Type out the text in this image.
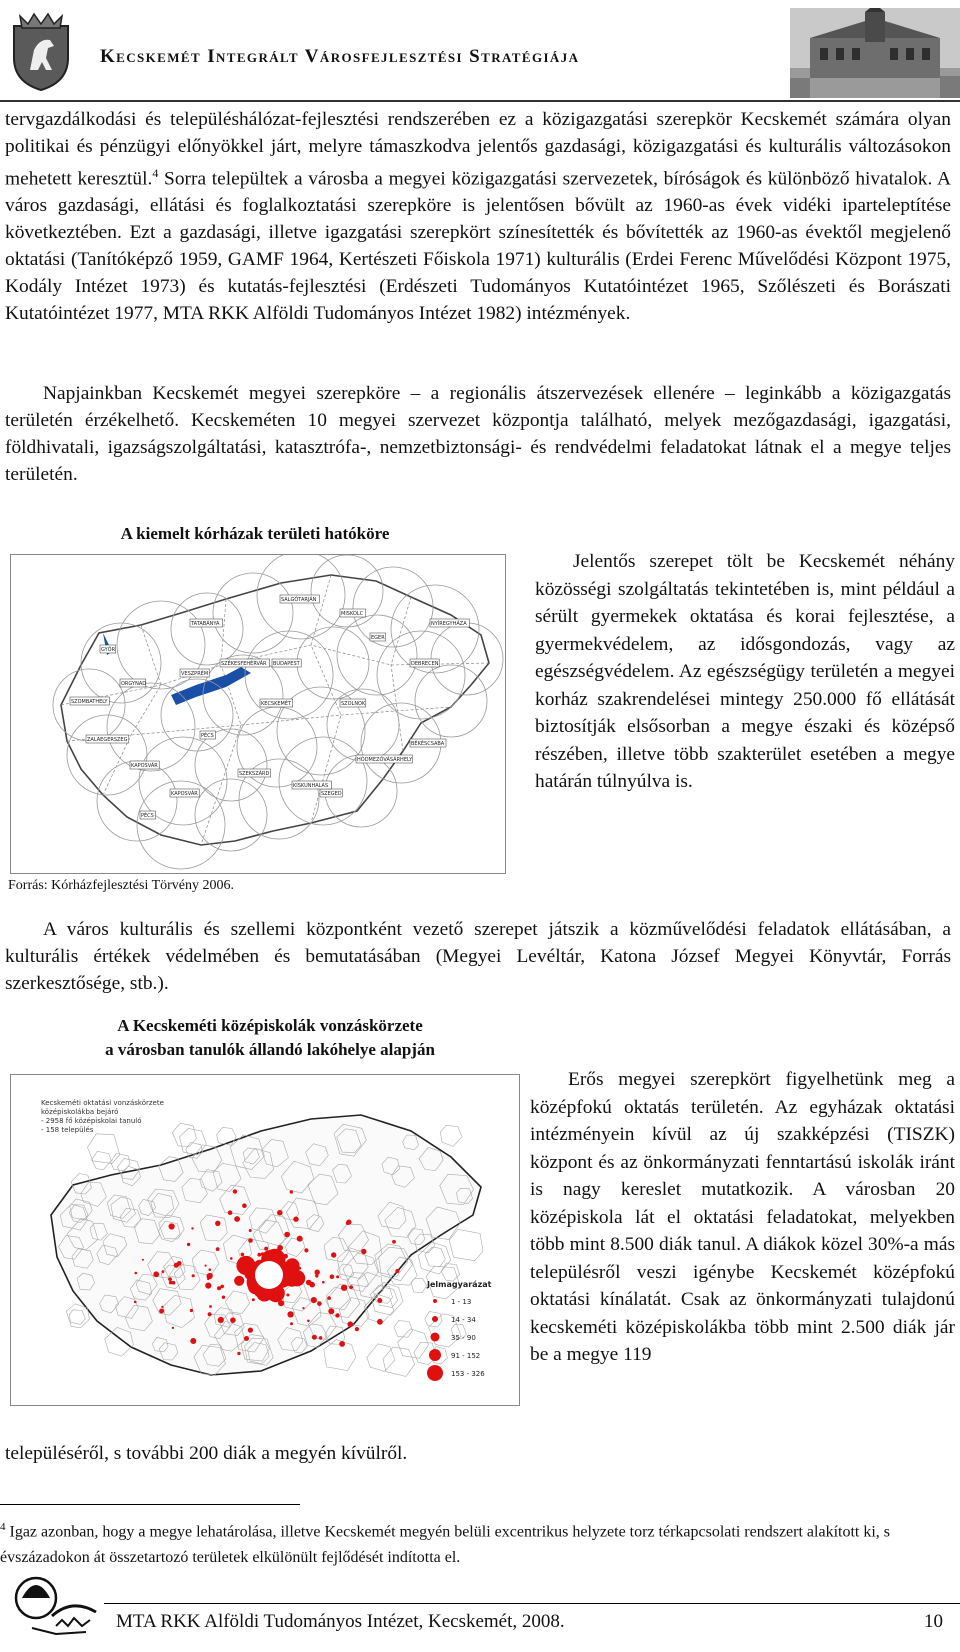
Kecskemét Integrált Városfejlesztési Stratégiája

tervgazdálkodási és településhálózat-fejlesztési rendszerében ez a közigazgatási szerepkör Kecskemét számára olyan politikai és pénzügyi előnyökkel járt, melyre támaszkodva jelentős gazdasági, közigazgatási és kulturális változásokon mehetett keresztül.$^4$ Sorra települtek a városba a megyei közigazgatási szervezetek, bíróságok és különböző hivatalok. A város gazdasági, ellátási és foglalkoztatási szerepköre is jelentősen bővült az 1960-as évek vidéki iparteleptítése következtében. Ezt a gazdasági, illetve igazgatási szerepkört színesítették és bővítették az 1960-as évektől megjelenő oktatási (Tanítóképző 1959, GAMF 1964, Kertészeti Főiskola 1971) kulturális (Erdei Ferenc Művelődési Központ 1975, Kodály Intézet 1973) és kutatás-fejlesztési (Erdészeti Tudományos Kutatóintézet 1965, Szőlészeti és Borászati Kutatóintézet 1977, MTA RKK Alföldi Tudományos Intézet 1982) intézmények.

Napjainkban Kecskemét megyei szerepköre – a regionális átszervezések ellenére – leginkább a közigazgatás területén érzékelhető. Kecskeméten 10 megyei szervezet központja található, melyek mezőgazdasági, igazgatási, földhivatali, igazságszolgáltatási, katasztrófa-, nemzetbiztonsági- és rendvédelmi feladatokat látnak el a megye teljes területén.

A kiemelt kórházak területi hatóköre
KECSKEMÉT
PÉCS
SZEGED
DEBRECEN
MISKOLC
SZÉKESFEHÉRVÁR
GYŐR
SZOMBATHELY
KAPOSVÁR
SZOLNOK
NYÍREGYHÁZA
SALGÓTARJÁN
ZALAEGERSZEG
VESZPRÉM
TATABÁNYA
EGER
BÉKÉSCSABA
SZEKSZÁRD
BUDAPEST
KISKUNHALAS
HÓDMEZŐVÁSÁRHELY
KAPOSVÁR
ORGYNAD
PÉCS
Forrás: Kórházfejlesztési Törvény 2006.

Jelentős szerepet tölt be Kecskemét néhány közösségi szolgáltatás tekintetében is, mint például a sérült gyermekek oktatása és korai fejlesztése, a gyermekvédelem, az idősgondozás, vagy az egészségvédelem. Az egészségügy területén a megyei korház szakrendelései mintegy 250.000 fő ellátását biztosítják elsősorban a megye északi és középső részében, illetve több szakterület esetében a megye határán túlnyúlva is.

A város kulturális és szellemi központként vezető szerepet játszik a közművelődési feladatok ellátásában, a kulturális értékek védelmében és bemutatásában (Megyei Levéltár, Katona József Megyei Könyvtár, Forrás szerkesztősége, stb.).

A Kecskeméti középiskolák vonzáskörzete
a városban tanulók állandó lakóhelye alapján
Kecskeméti oktatási vonzáskörzete
középiskolákba bejáró
- 2958 fő középiskolai tanuló
- 158 település
Jelmagyarázat
1 - 13
14 - 34
35 - 90
91 - 152
153 - 326

Erős megyei szerepkört figyelhetünk meg a középfokú oktatás területén. Az egyházak oktatási intézményein kívül az új szakképzési (TISZK) központ és az önkormányzati fenntartású iskolák iránt is nagy kereslet mutatkozik. A városban 20 középiskola lát el oktatási feladatokat, melyekben több mint 8.500 diák tanul. A diákok közel 30%-a más településről veszi igénybe Kecskemét középfokú oktatási kínálatát. Csak az önkormányzati tulajdonú kecskeméti középiskolákba több mint 2.500 diák jár be a megye 119

településéről, s további 200 diák a megyén kívülről.

$^4$ Igaz azonban, hogy a megye lehatárolása, illetve Kecskemét megyén belüli excentrikus helyzete torz térkapcsolati rendszert alakított ki, s évszázadokon át összetartozó területek elkülönült fejlődését indította el.
MTA RKK Alföldi Tudományos Intézet, Kecskemét, 2008.	10
